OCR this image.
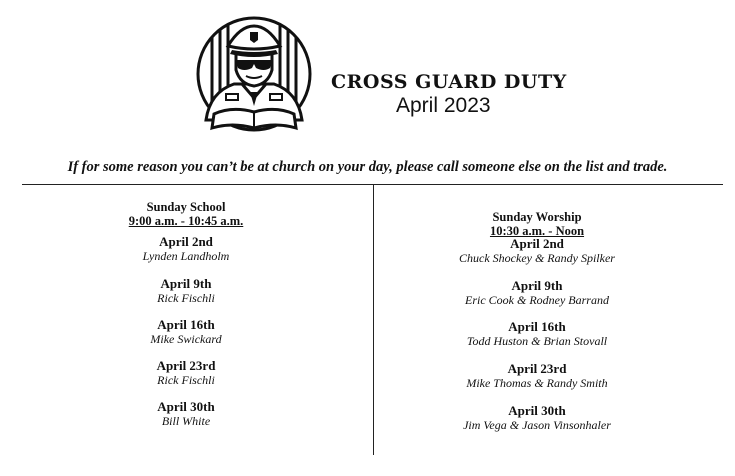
CROSS GUARD DUTY
April 2023
If for some reason you can’t be at church on your day, please call someone else on the list and trade.
Sunday School
9:00 a.m. - 10:45 a.m.
April 2nd
Lynden Landholm
April 9th
Rick Fischli
April 16th
Mike Swickard
April 23rd
Rick Fischli
April 30th
Bill White
Sunday Worship
10:30 a.m. - Noon
April 2nd
Chuck Shockey & Randy Spilker
April 9th
Eric Cook & Rodney Barrand
April 16th
Todd Huston & Brian Stovall
April 23rd
Mike Thomas & Randy Smith
April 30th
Jim Vega & Jason Vinsonhaler
